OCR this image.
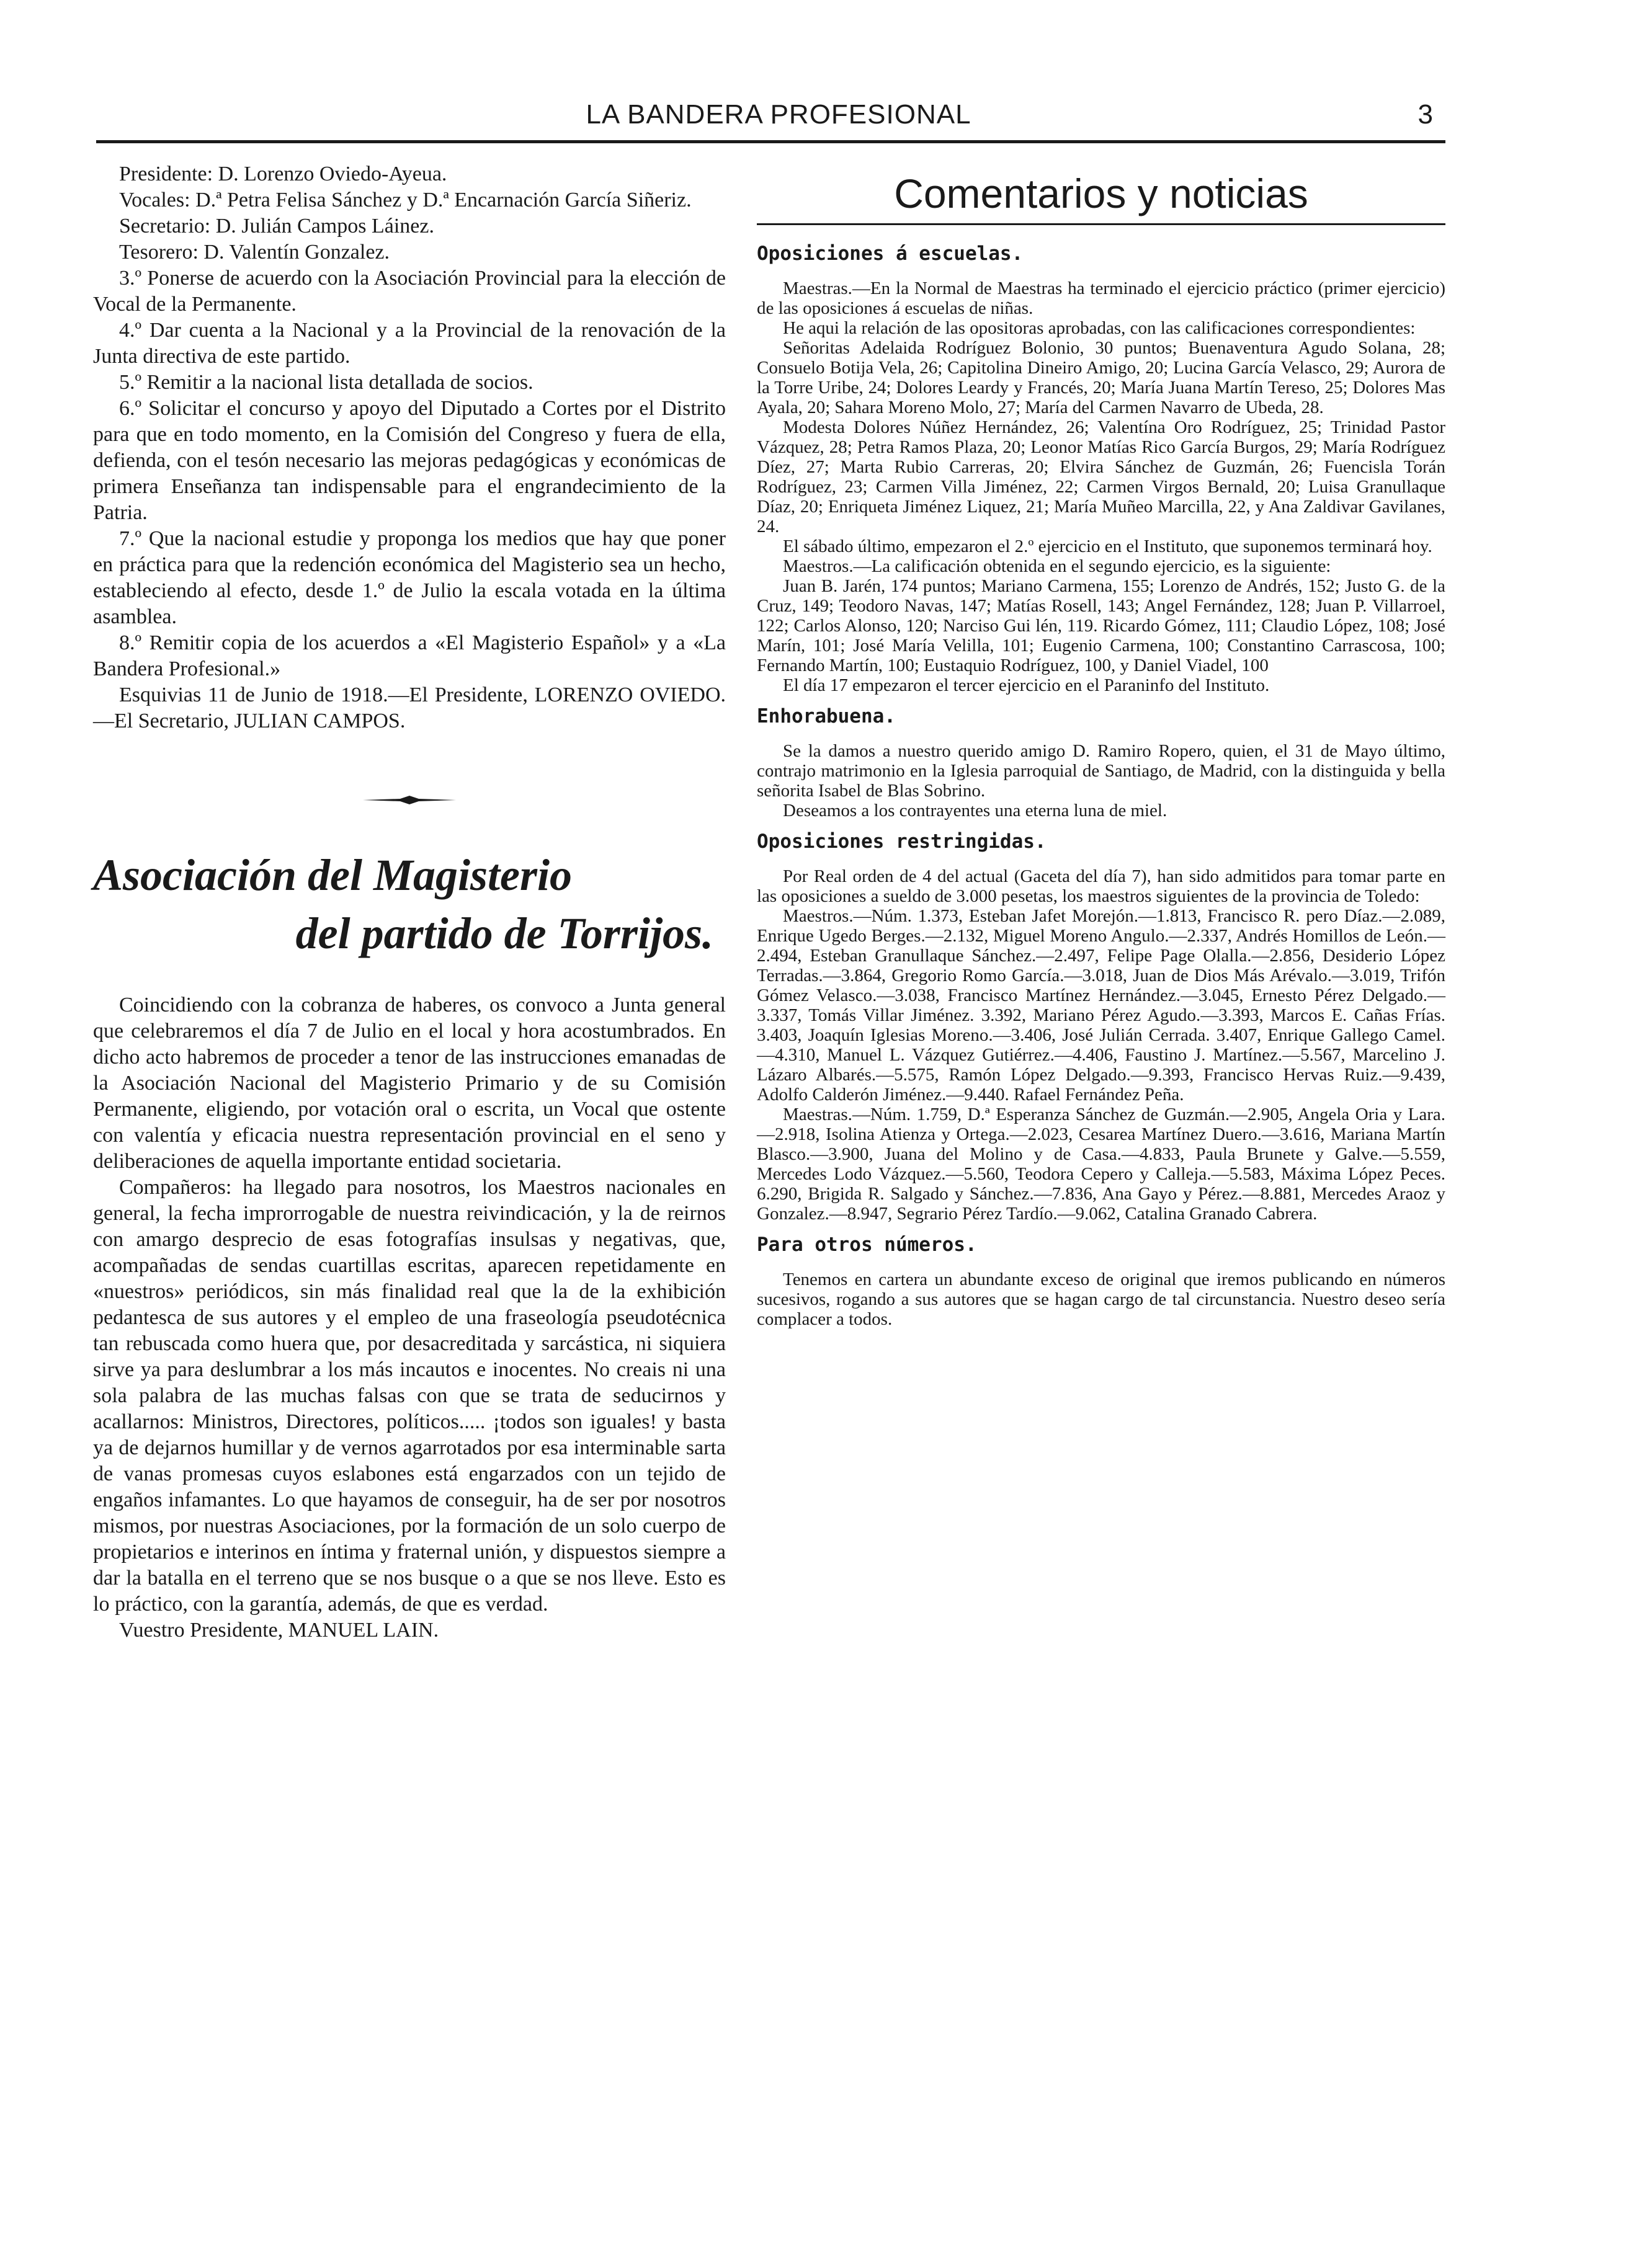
LA BANDERA PROFESIONAL	3

Presidente: D. Lorenzo Oviedo-Ayeuа.

Vocales: D.ª Petra Felisa Sánchez y D.ª Encarnación García Siñeriz.

Secretario: D. Julián Campos Láinez.

Tesorero: D. Valentín Gonzalez.

3.º Ponerse de acuerdo con la Asociación Provincial para la elección de Vocal de la Permanente.

4.º Dar cuenta a la Nacional y a la Provincial de la renovación de la Junta directiva de este partido.

5.º Remitir a la nacional lista detallada de socios.

6.º Solicitar el concurso y apoyo del Diputado a Cortes por el Distrito para que en todo momento, en la Comisión del Congreso y fuera de ella, defienda, con el tesón necesario las mejoras pedagógicas y económicas de primera Enseñanza tan indispensable para el engrandecimiento de la Patria.

7.º Que la nacional estudie y proponga los medios que hay que poner en práctica para que la redención económica del Magisterio sea un hecho, estableciendo al efecto, desde 1.º de Julio la escala votada en la última asamblea.

8.º Remitir copia de los acuerdos a «El Magisterio Español» y a «La Bandera Profesional.»

Esquivias 11 de Junio de 1918.—El Presidente, LORENZO OVIEDO.—El Secretario, JULIAN CAMPOS.

Asociación del Magisterio
del partido de Torrijos.

Coincidiendo con la cobranza de haberes, os convoco a Junta general que celebraremos el día 7 de Julio en el local y hora acostumbrados. En dicho acto habremos de proceder a tenor de las instrucciones emanadas de la Asociación Nacional del Magisterio Primario y de su Comisión Permanente, eligiendo, por votación oral o escrita, un Vocal que ostente con valentía y eficacia nuestra representación provincial en el seno y deliberaciones de aquella importante entidad societaria.

Compañeros: ha llegado para nosotros, los Maestros nacionales en general, la fecha improrrogable de nuestra reivindicación, y la de reirnos con amargo desprecio de esas fotografías insulsas y negativas, que, acompañadas de sendas cuartillas escritas, aparecen repetidamente en «nuestros» periódicos, sin más finalidad real que la de la exhibición pedantesca de sus autores y el empleo de una fraseología pseudotécnica tan rebuscada como huera que, por desacreditada y sarcástica, ni siquiera sirve ya para deslumbrar a los más incautos e inocentes. No creais ni una sola palabra de las muchas falsas con que se trata de seducirnos y acallarnos: Ministros, Directores, políticos..... ¡todos son iguales! y basta ya de dejarnos humillar y de vernos agarrotados por esa interminable sarta de vanas promesas cuyos eslabones está engarzados con un tejido de engaños infamantes. Lo que hayamos de conseguir, ha de ser por nosotros mismos, por nuestras Asociaciones, por la formación de un solo cuerpo de propietarios e interinos en íntima y fraternal unión, y dispuestos siempre a dar la batalla en el terreno que se nos busque o a que se nos lleve. Esto es lo práctico, con la garantía, además, de que es verdad.

Vuestro Presidente, MANUEL LAIN.

Comentarios y noticias
Oposiciones á escuelas.

Maestras.—En la Normal de Maestras ha terminado el ejercicio práctico (primer ejercicio) de las oposiciones á escuelas de niñas.

He aqui la relación de las opositoras aprobadas, con las calificaciones correspondientes:

Señoritas Adelaida Rodríguez Bolonio, 30 puntos; Buenaventura Agudo Solana, 28; Consuelo Botija Vela, 26; Capitolina Dineiro Amigo, 20; Lucina García Velasco, 29; Aurora de la Torre Uribe, 24; Dolores Leardy y Francés, 20; María Juana Martín Tereso, 25; Dolores Mas Ayala, 20; Sahara Moreno Molo, 27; María del Carmen Navarro de Ubeda, 28.

Modesta Dolores Núñez Hernández, 26; Valentína Oro Rodríguez, 25; Trinidad Pastor Vázquez, 28; Petra Ramos Plaza, 20; Leonor Matías Rico García Burgos, 29; María Rodríguez Díez, 27; Marta Rubio Carreras, 20; Elvira Sánchez de Guzmán, 26; Fuencisla Torán Rodríguez, 23; Carmen Villa Jiménez, 22; Carmen Virgos Bernald, 20; Luisa Granullaque Díaz, 20; Enriqueta Jiménez Liquez, 21; María Muñeo Marcilla, 22, y Ana Zaldivar Gavilanes, 24.

El sábado último, empezaron el 2.º ejercicio en el Instituto, que suponemos terminará hoy.

Maestros.—La calificación obtenida en el segundo ejercicio, es la siguiente:

Juan B. Jarén, 174 puntos; Mariano Carmena, 155; Lorenzo de Andrés, 152; Justo G. de la Cruz, 149; Teodoro Navas, 147; Matías Rosell, 143; Angel Fernández, 128; Juan P. Villarroel, 122; Carlos Alonso, 120; Narciso Gui lén, 119. Ricardo Gómez, 111; Claudio López, 108; José Marín, 101; José María Velilla, 101; Eugenio Carmena, 100; Constantino Carrascosa, 100; Fernando Martín, 100; Eustaquio Rodríguez, 100, y Daniel Viadel, 100

El día 17 empezaron el tercer ejercicio en el Paraninfo del Instituto.

Enhorabuena.

Se la damos a nuestro querido amigo D. Ramiro Ropero, quien, el 31 de Mayo último, contrajo matrimonio en la Iglesia parroquial de Santiago, de Madrid, con la distinguida y bella señorita Isabel de Blas Sobrino.

Deseamos a los contrayentes una eterna luna de miel.

Oposiciones restringidas.

Por Real orden de 4 del actual (Gaceta del día 7), han sido admitidos para tomar parte en las oposiciones a sueldo de 3.000 pesetas, los maestros siguientes de la provincia de Toledo:

Maestros.—Núm. 1.373, Esteban Jafet Morejón.—1.813, Francisco R. pero Díaz.—2.089, Enrique Ugedo Berges.—2.132, Miguel Moreno Angulo.—2.337, Andrés Homillos de León.—2.494, Esteban Granullaque Sánchez.—2.497, Felipe Page Olalla.—2.856, Desiderio López Terradas.—3.864, Gregorio Romo García.—3.018, Juan de Dios Más Arévalo.—3.019, Trifón Gómez Velasco.—3.038, Francisco Martínez Hernández.—3.045, Ernesto Pérez Delgado.—3.337, Tomás Villar Jiménez. 3.392, Mariano Pérez Agudo.—3.393, Marcos E. Cañas Frías. 3.403, Joaquín Iglesias Moreno.—3.406, José Julián Cerrada. 3.407, Enrique Gallego Camel.—4.310, Manuel L. Vázquez Gutiérrez.—4.406, Faustino J. Martínez.—5.567, Marcelino J. Lázaro Albarés.—5.575, Ramón López Delgado.—9.393, Francisco Hervas Ruiz.—9.439, Adolfo Calderón Jiménez.—9.440. Rafael Fernández Peña.

Maestras.—Núm. 1.759, D.ª Esperanza Sánchez de Guzmán.—2.905, Angela Oria y Lara.—2.918, Isolina Atienza y Ortega.—2.023, Cesarea Martínez Duero.—3.616, Mariana Martín Blasco.—3.900, Juana del Molino y de Casa.—4.833, Paula Brunete y Galve.—5.559, Mercedes Lodo Vázquez.—5.560, Teodora Cepero y Calleja.—5.583, Máxima López Peces. 6.290, Brigida R. Salgado y Sánchez.—7.836, Ana Gayo y Pérez.—8.881, Mercedes Araoz y Gonzalez.—8.947, Segrario Pérez Tardío.—9.062, Catalina Granado Cabrera.

Para otros números.

Tenemos en cartera un abundante exceso de original que iremos publicando en números sucesivos, rogando a sus autores que se hagan cargo de tal circunstancia. Nuestro deseo sería complacer a todos.
